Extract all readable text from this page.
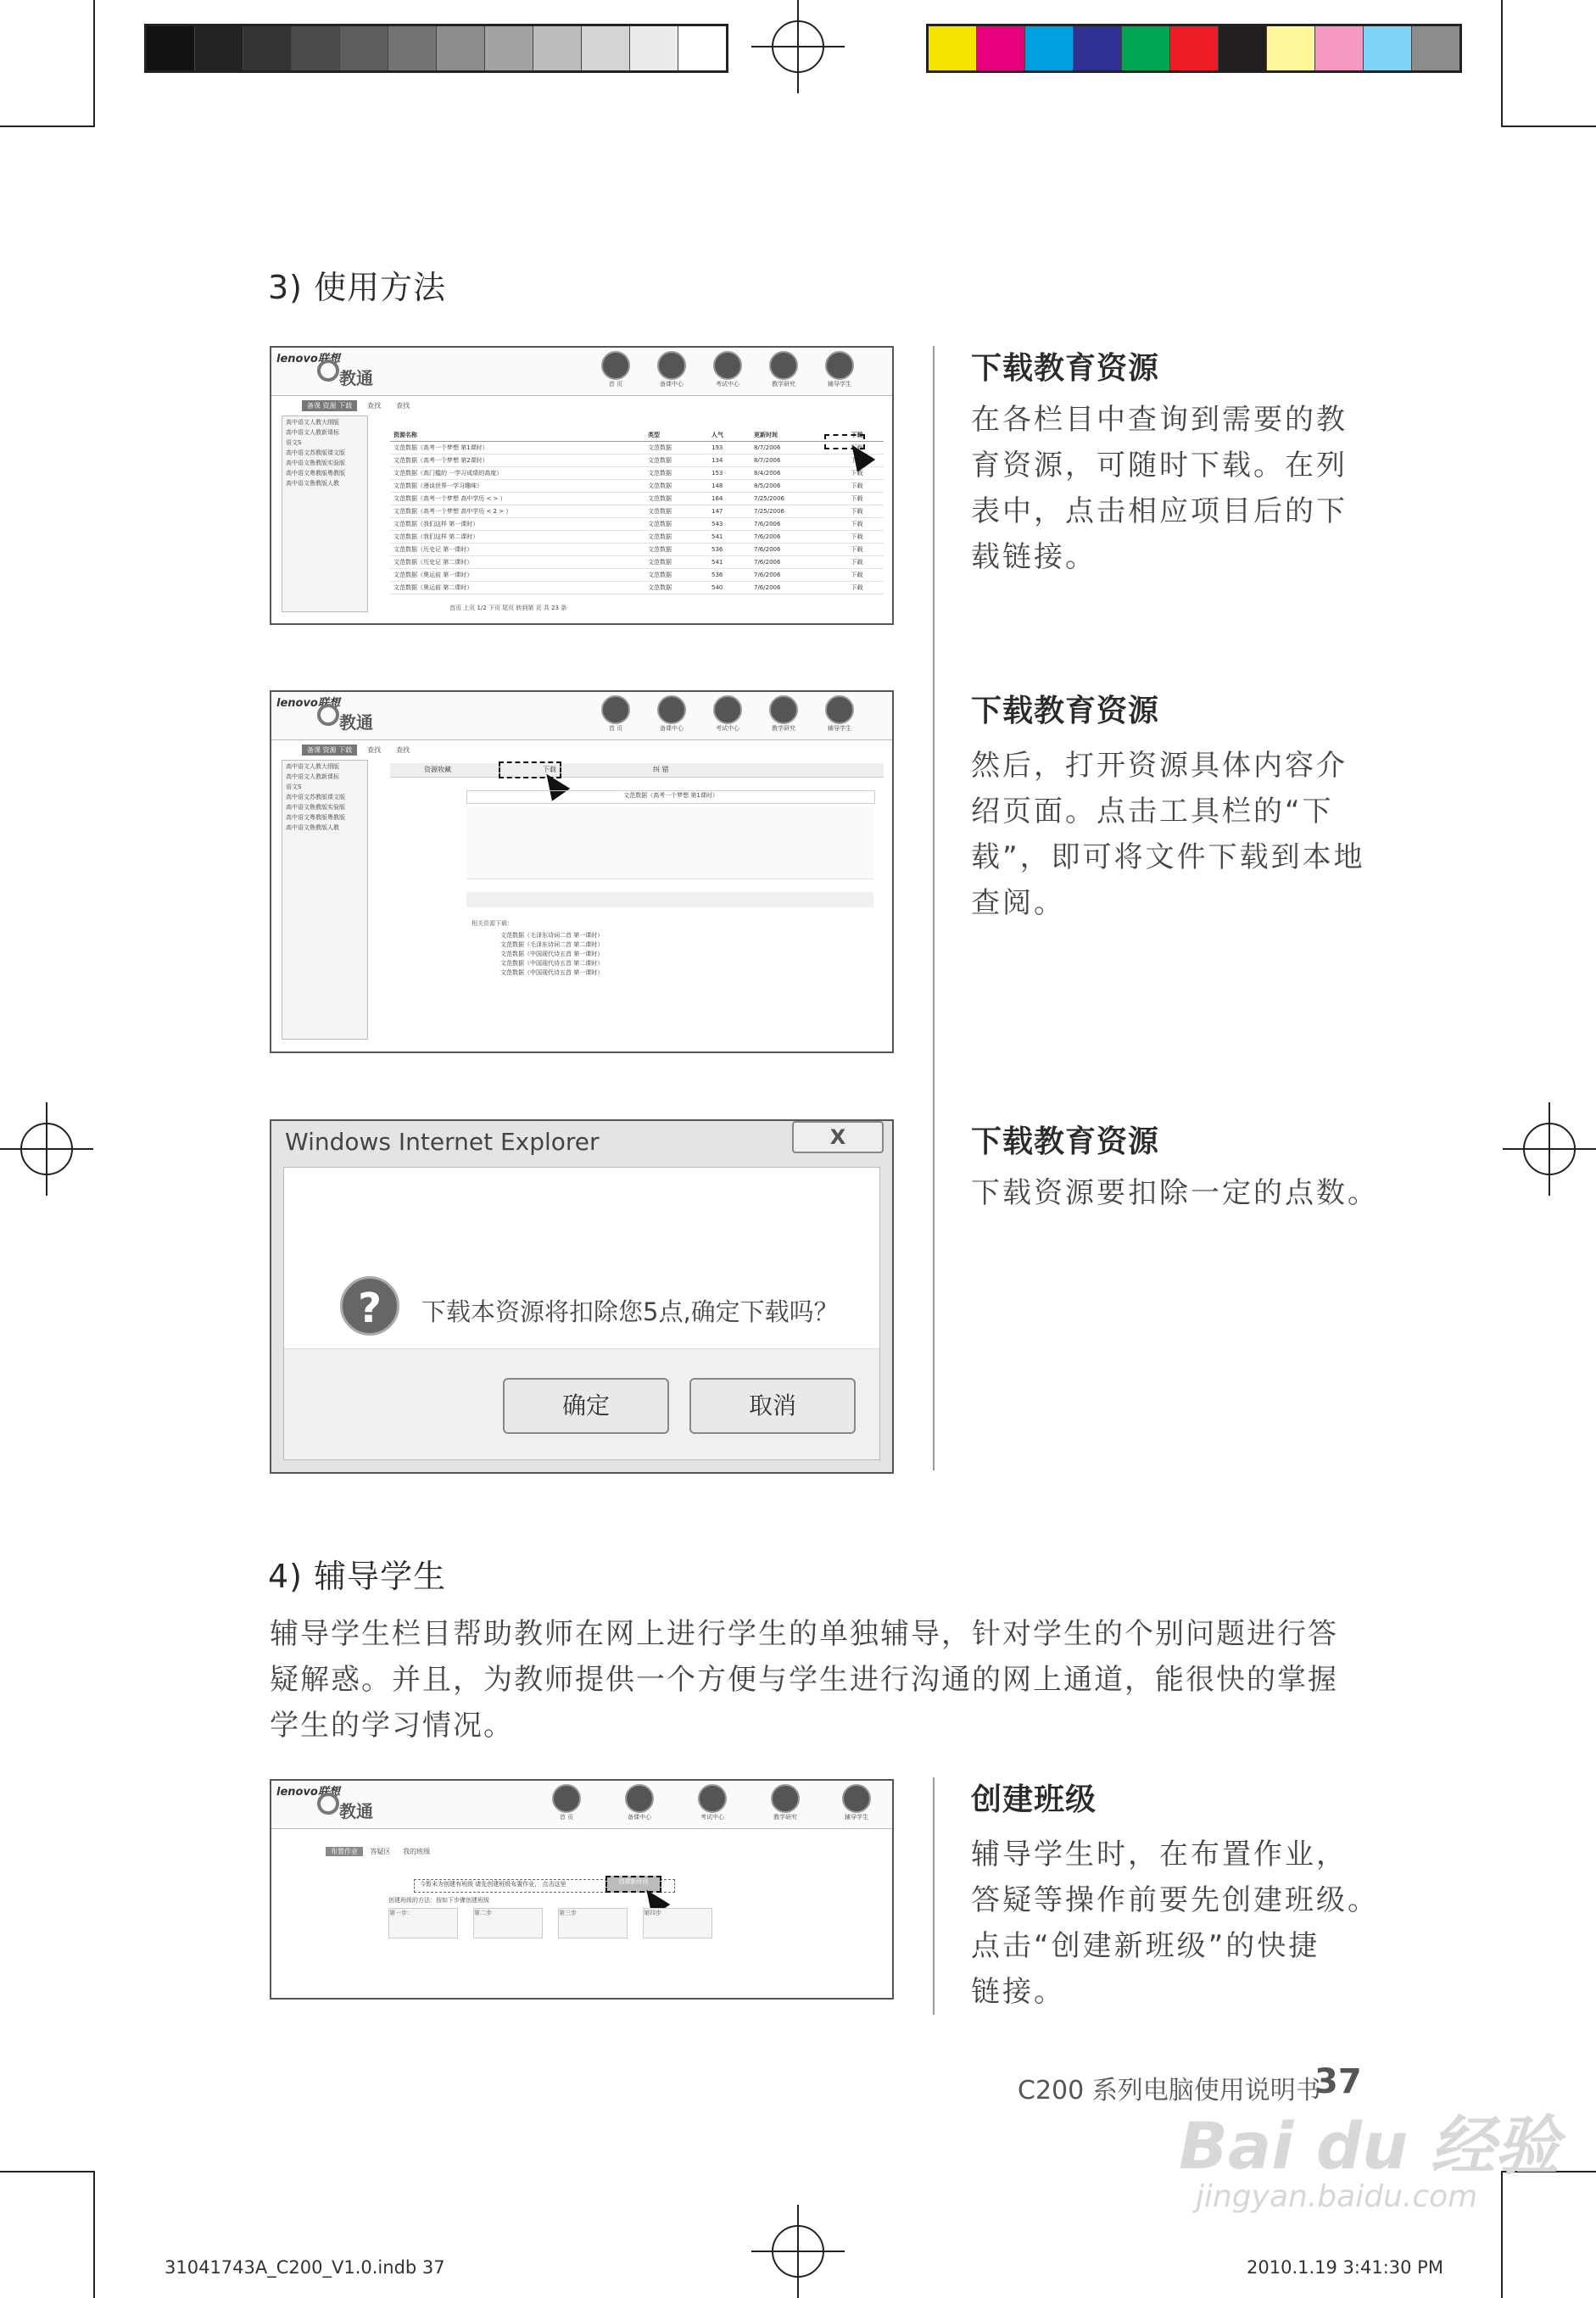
3) 使用方法
lenovo联想
教通	首 页	备课中心	考试中心	教学研究	辅导学生
备课 资源 下载 查找 查找
高中语文人教大纲版
高中语文人教新课标
语文S
高中语文苏教版课文版
高中语文鲁教版实验版
高中语文粤教版粤教版
高中语文鲁教版人教
资源名称	类型	人气	更新时间	下载
文范数据（高考一个梦想 第1课时）	文范数据	193	8/7/2006	下载
文范数据（高考一个梦想 第2课时）	文范数据	134	8/7/2006	下载
文范数据（高门槛的 一学习成绩的高度）	文范数据	153	8/4/2006	下载
文范数据（漫谈世界一学习趣味）	文范数据	148	8/5/2006	下载
文范数据（高考一个梦想 高中学历 < > ）	文范数据	164	7/25/2006	下载
文范数据（高考一个梦想 高中学历 < 2 > ）	文范数据	147	7/25/2006	下载
文范数据（我们这样 第一课时）	文范数据	543	7/6/2006	下载
文范数据（我们这样 第二课时）	文范数据	541	7/6/2006	下载
文范数据（历史记 第一课时）	文范数据	536	7/6/2006	下载
文范数据（历史记 第二课时）	文范数据	541	7/6/2006	下载
文范数据（奥运前 第一课时）	文范数据	536	7/6/2006	下载
文范数据（奥运前 第二课时）	文范数据	540	7/6/2006	下载
首页 上页 1/2 下页 尾页 转到第 页 共 23 条
下载教育资源
在各栏目中查询到需要的教
育资源，可随时下载。在列
表中，点击相应项目后的下
载链接。
lenovo联想
教通	首 页	备课中心	考试中心	教学研究	辅导学生
备课 资源 下载 查找 查找
高中语文人教大纲版
高中语文人教新课标
语文S
高中语文苏教版课文版
高中语文鲁教版实验版
高中语文粤教版粤教版
高中语文鲁教版人教
资源收藏	下载	纠 错
文范数据（高考一个梦想 第1课时）
相关资源下载：
文范数据（毛泽东诗词二首 第一课时）
文范数据（毛泽东诗词二首 第二课时）
文范数据（中国现代诗五首 第一课时）
文范数据（中国现代诗五首 第二课时）
文范数据（中国现代诗五首 第一课时）
下载教育资源
然后，打开资源具体内容介
绍页面。点击工具栏的“下
载”，即可将文件下载到本地
查阅。
Windows Internet Explorer	X
?	下载本资源将扣除您5点,确定下载吗？
确定	取消
下载教育资源
下载资源要扣除一定的点数。
4) 辅导学生
辅导学生栏目帮助教师在网上进行学生的单独辅导，针对学生的个别问题进行答
疑解惑。并且，为教师提供一个方便与学生进行沟通的网上通道，能很快的掌握
学生的学习情况。
lenovo联想
教通	首 页	备课中心	考试中心	教学研究	辅导学生
布置作业 答疑区 我的班级
今暂未为创建有班级 请先创建班级布置作业， 点击这里	创建新班级
创建班级的方法：按如下步骤创建班级
第一步：	第二步	第三步	第四步
创建班级
辅导学生时，在布置作业，
答疑等操作前要先创建班级。
点击“创建新班级”的快捷
链接。
Bai du 经验
jingyan.baidu.com
C200 系列电脑使用说明书
37
31041743A_C200_V1.0.indb 37	2010.1.19 3:41:30 PM
